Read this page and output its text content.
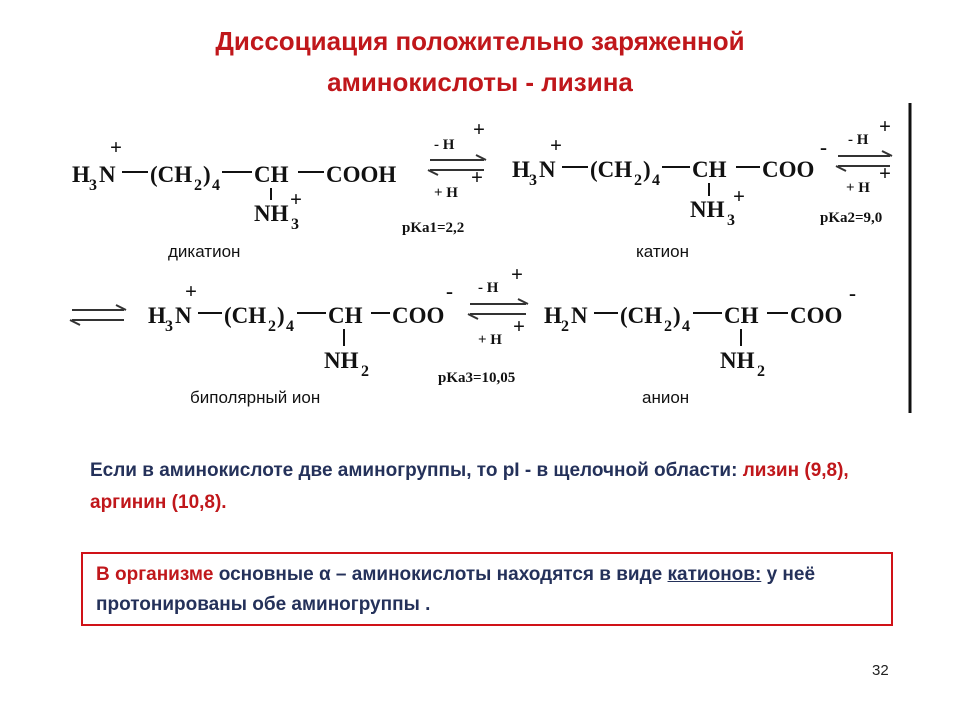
Диссоциация положительно заряженной
аминокислоты - лизина
H 3 N
+
(CH 2 ) 4 CH COOH
NH 3
+
дикатион
- H
+
+ H
+
pKa1=2,2
H 3 N
+
(CH 2 ) 4 CH COO
-
NH 3
+
катион
- H
+
+ H
+
pKa2=9,0
H 3 N
+
(CH 2 ) 4 CH COO
-
NH 2
биполярный ион
- H
+
+ H
+
pKa3=10,05
H 2 N (CH 2 ) 4 CH COO
-
NH 2
анион
Если в аминокислоте две аминогруппы, то pI - в щелочной области: лизин (9,8), аргинин (10,8).
В организме основные α – аминокислоты находятся в виде катионов: у неё протонированы обе аминогруппы .
32
